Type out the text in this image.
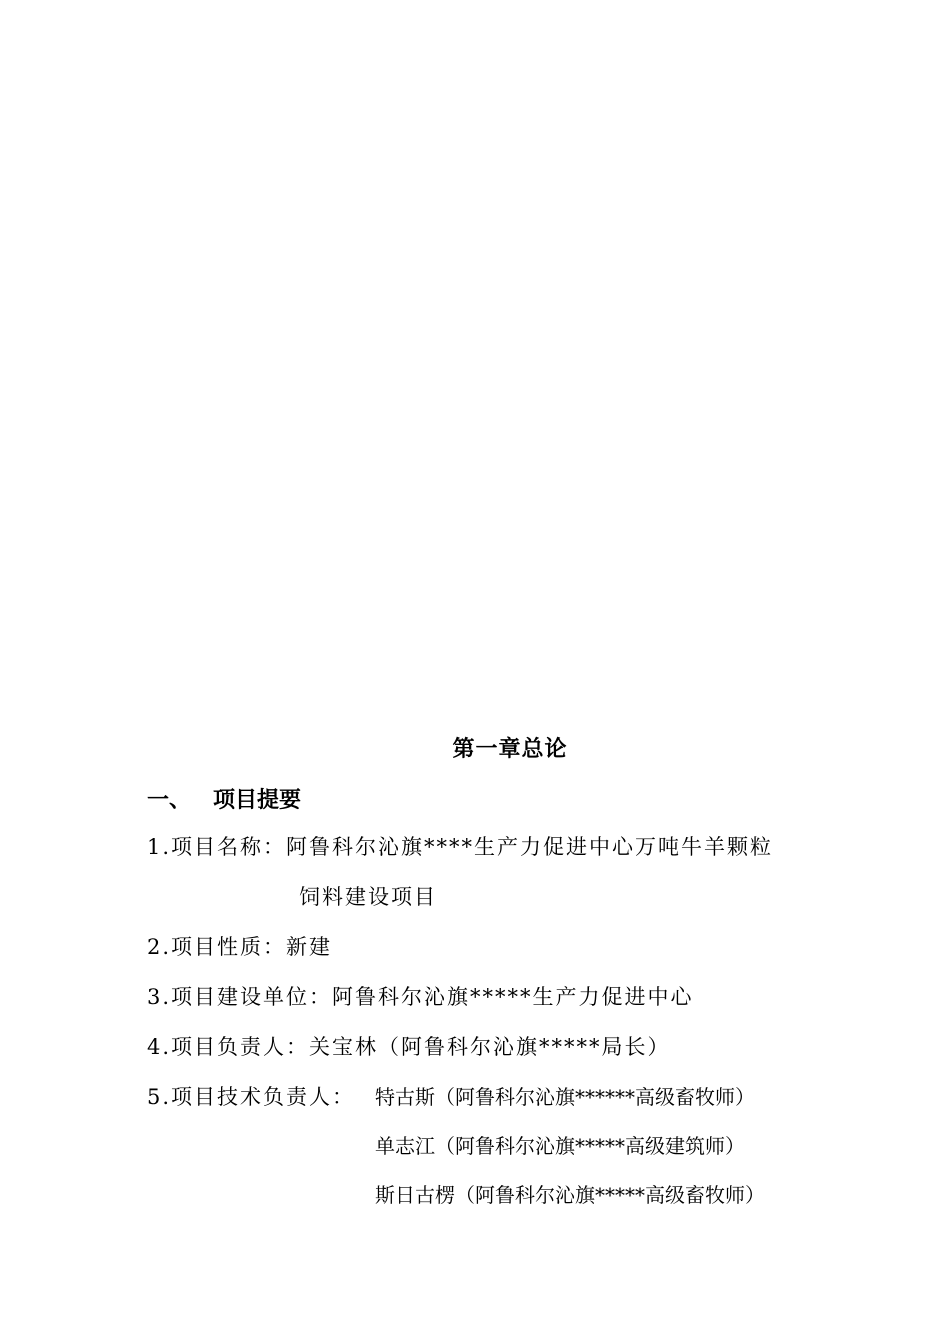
第一章总论
一、 项目提要
1.项目名称：阿鲁科尔沁旗****生产力促进中心万吨牛羊颗粒
饲料建设项目
2.项目性质：新建
3.项目建设单位：阿鲁科尔沁旗*****生产力促进中心
4.项目负责人：关宝林（阿鲁科尔沁旗*****局长）
5.项目技术负责人： 特古斯（阿鲁科尔沁旗******高级畜牧师）
单志江（阿鲁科尔沁旗*****高级建筑师）
斯日古楞（阿鲁科尔沁旗*****高级畜牧师）
